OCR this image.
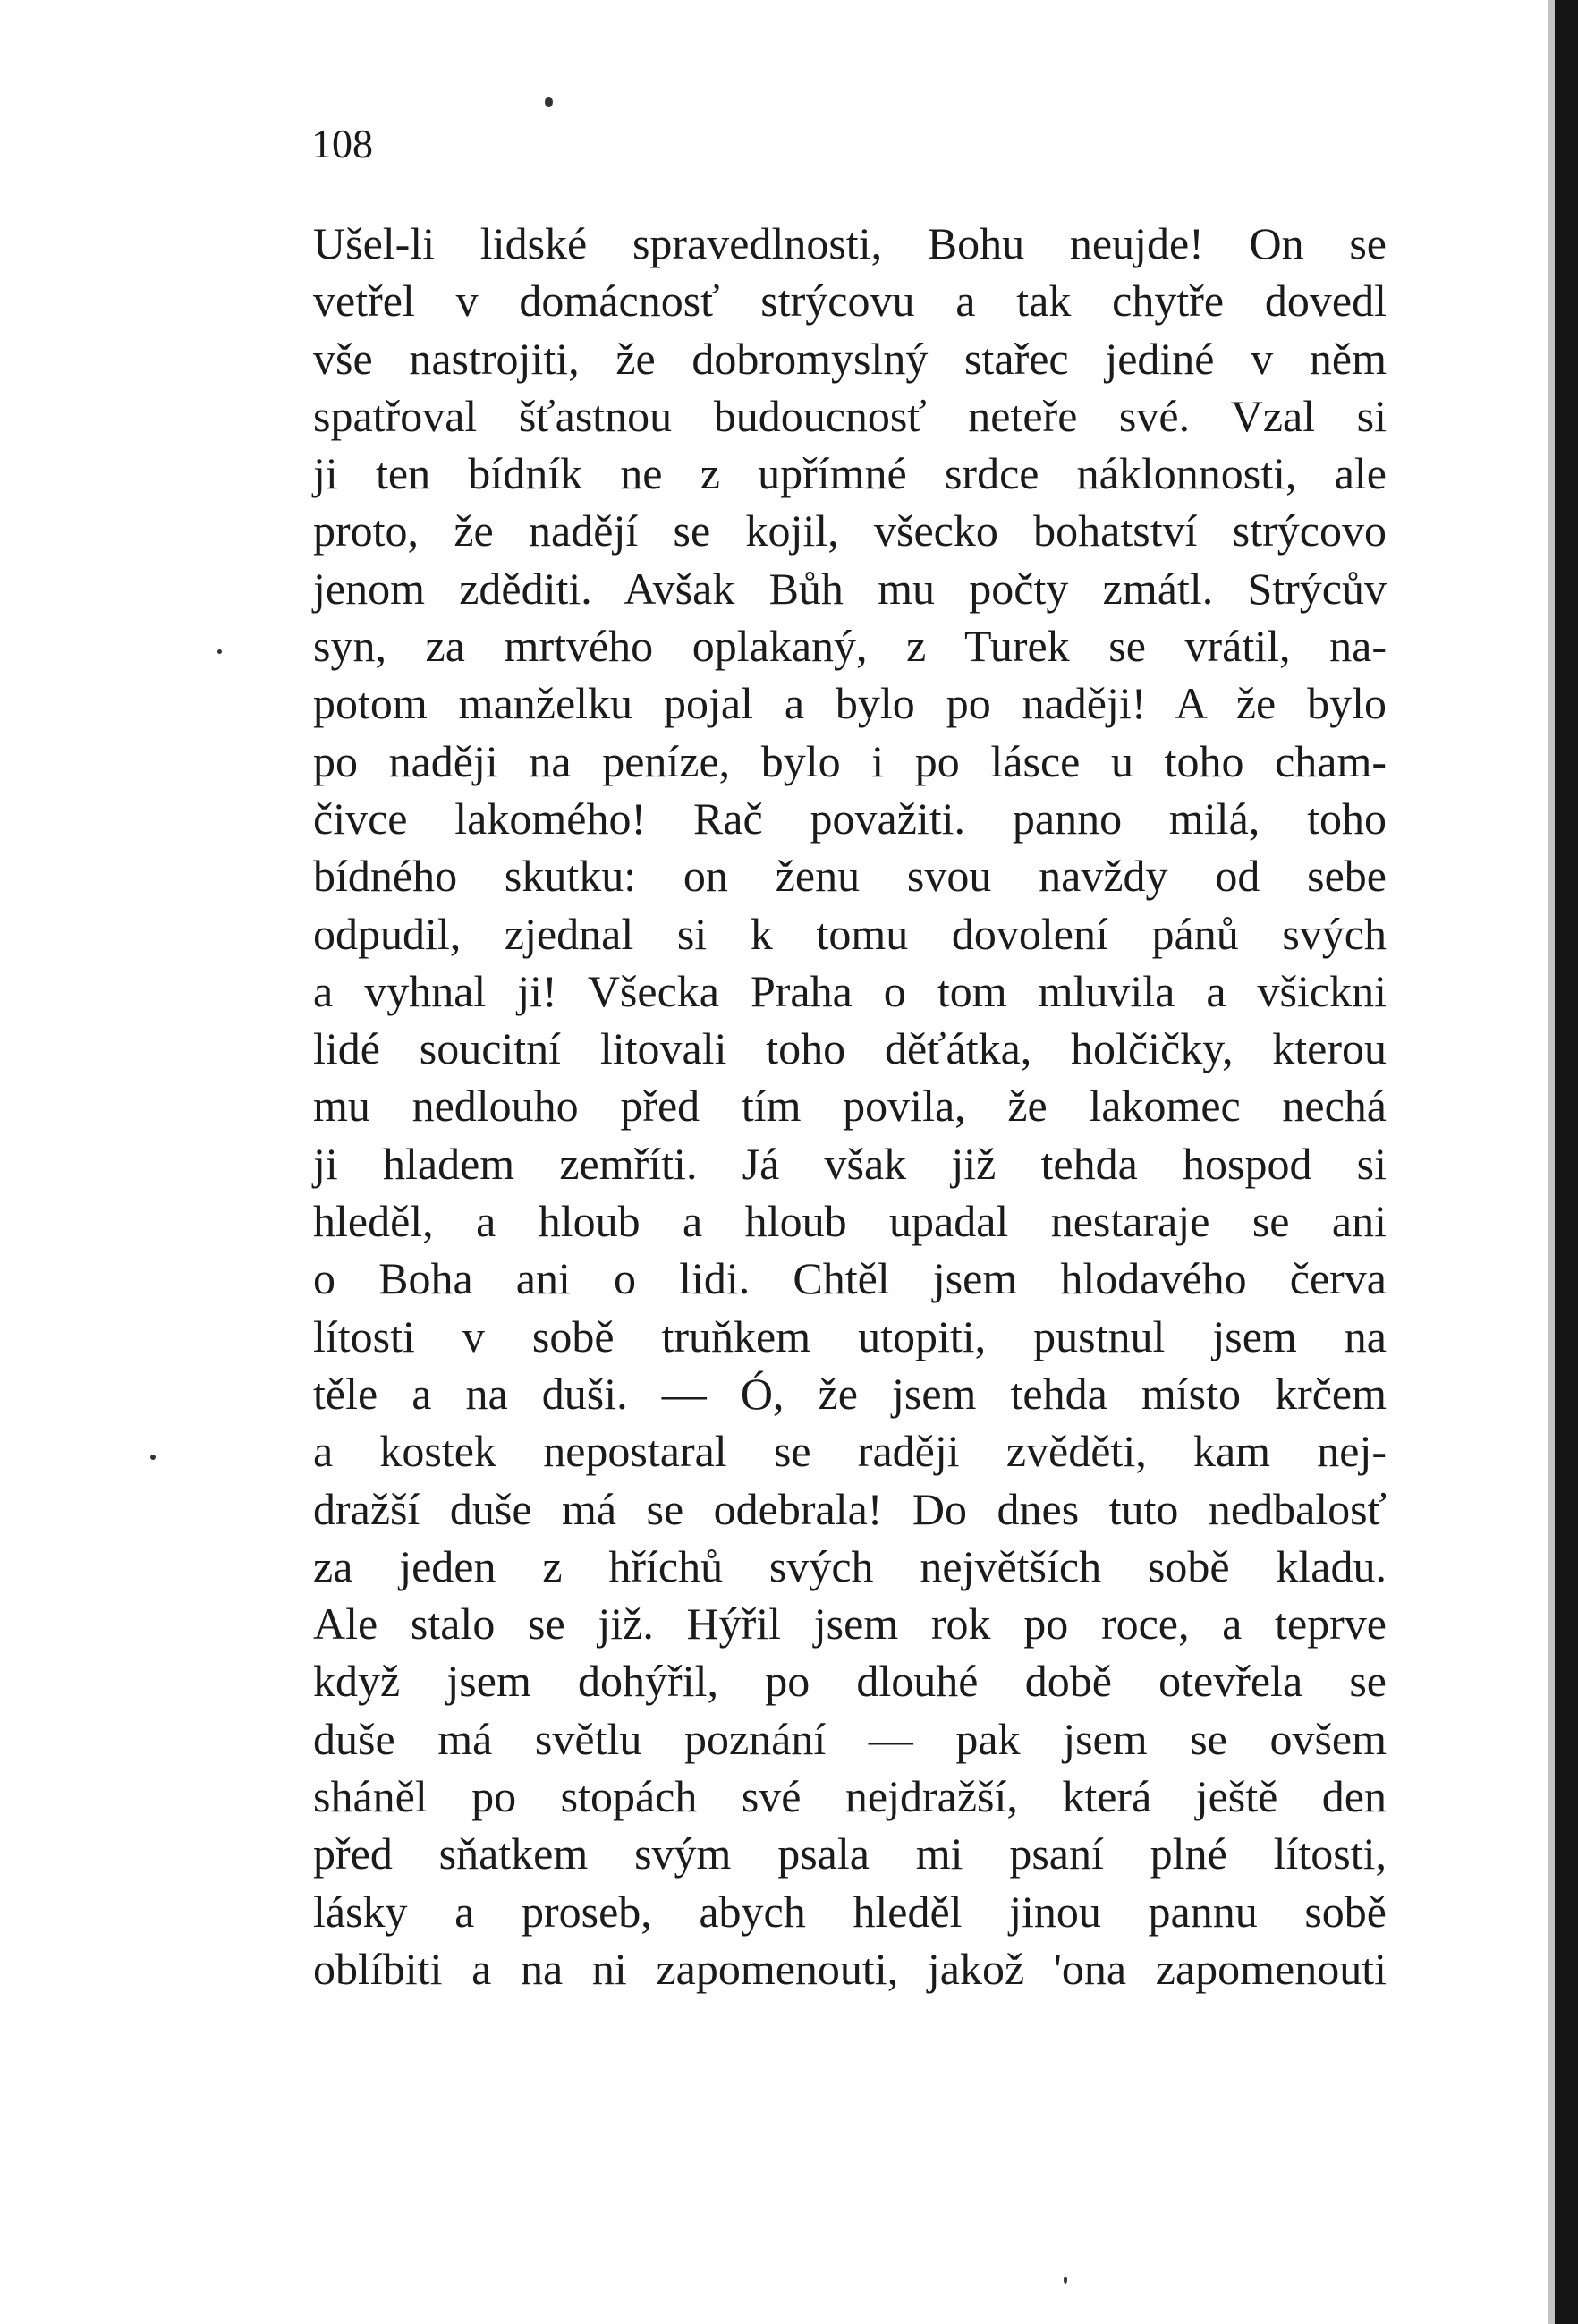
108
Ušel-li lidské spravedlnosti, Bohu neujde! On se
vetřel v domácnosť strýcovu a tak chytře dovedl
vše nastrojiti, že dobromyslný stařec jediné v něm
spatřoval šťastnou budoucnosť neteře své. Vzal si
ji ten bídník ne z upřímné srdce náklonnosti, ale
proto, že nadějí se kojil, všecko bohatství strýcovo
jenom zděditi. Avšak Bůh mu počty zmátl. Strýcův
syn, za mrtvého oplakaný, z Turek se vrátil, na-
potom manželku pojal a bylo po naději! A že bylo
po naději na peníze, bylo i po lásce u toho cham-
čivce lakomého! Rač považiti. panno milá, toho
bídného skutku: on ženu svou navždy od sebe
odpudil, zjednal si k tomu dovolení pánů svých
a vyhnal ji! Všecka Praha o tom mluvila a všickni
lidé soucitní litovali toho děťátka, holčičky, kterou
mu nedlouho před tím povila, že lakomec nechá
ji hladem zemříti. Já však již tehda hospod si
hleděl, a hloub a hloub upadal nestaraje se ani
o Boha ani o lidi. Chtěl jsem hlodavého červa
lítosti v sobě truňkem utopiti, pustnul jsem na
těle a na duši. — Ó, že jsem tehda místo krčem
a kostek nepostaral se raději zvěděti, kam nej-
dražší duše má se odebrala! Do dnes tuto nedbalosť
za jeden z hříchů svých největších sobě kladu.
Ale stalo se již. Hýřil jsem rok po roce, a teprve
když jsem dohýřil, po dlouhé době otevřela se
duše má světlu poznání — pak jsem se ovšem
sháněl po stopách své nejdražší, která ještě den
před sňatkem svým psala mi psaní plné lítosti,
lásky a proseb, abych hleděl jinou pannu sobě
oblíbiti a na ni zapomenouti, jakož 'ona zapomenouti
